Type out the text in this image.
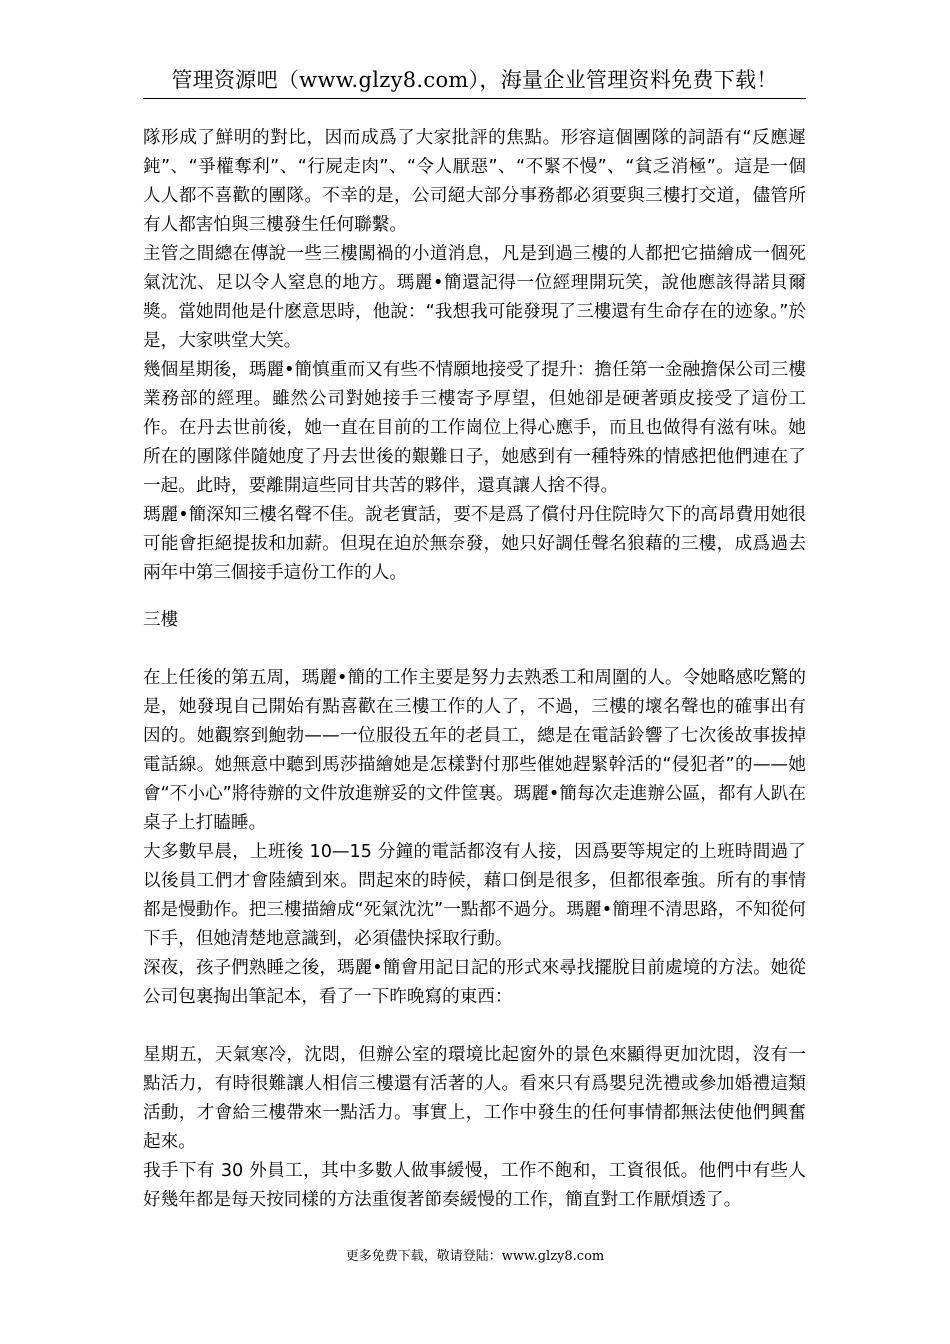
管理资源吧（www.glzy8.com），海量企业管理资料免费下载！

隊形成了鮮明的對比，因而成爲了大家批評的焦點。形容這個團隊的詞語有“反應遲鈍”、“爭權奪利”、“行屍走肉”、“令人厭惡”、“不緊不慢”、“貧乏消極”。這是一個人人都不喜歡的團隊。不幸的是，公司絕大部分事務都必須要與三樓打交道，儘管所有人都害怕與三樓發生任何聯繫。

主管之間總在傳說一些三樓闖禍的小道消息，凡是到過三樓的人都把它描繪成一個死氣沈沈、足以令人窒息的地方。瑪麗•簡還記得一位經理開玩笑，說他應該得諾貝爾獎。當她問他是什麽意思時，他說：“我想我可能發現了三樓還有生命存在的迹象。”於是，大家哄堂大笑。

幾個星期後，瑪麗•簡慎重而又有些不情願地接受了提升：擔任第一金融擔保公司三樓業務部的經理。雖然公司對她接手三樓寄予厚望，但她卻是硬著頭皮接受了這份工作。在丹去世前後，她一直在目前的工作崗位上得心應手，而且也做得有滋有味。她所在的團隊伴隨她度了丹去世後的艱難日子，她感到有一種特殊的情感把他們連在了一起。此時，要離開這些同甘共苦的夥伴，還真讓人捨不得。

瑪麗•簡深知三樓名聲不佳。說老實話，要不是爲了償付丹住院時欠下的高昂費用她很可能會拒絕提拔和加薪。但現在迫於無奈發，她只好調任聲名狼藉的三樓，成爲過去兩年中第三個接手這份工作的人。

三樓

在上任後的第五周，瑪麗•簡的工作主要是努力去熟悉工和周圍的人。令她略感吃驚的是，她發現自己開始有點喜歡在三樓工作的人了，不過，三樓的壞名聲也的確事出有因的。她觀察到鮑勃——一位服役五年的老員工，總是在電話鈴響了七次後故事拔掉電話線。她無意中聽到馬莎描繪她是怎樣對付那些催她趕緊幹活的“侵犯者”的——她會“不小心”將待辦的文件放進辦妥的文件筐裏。瑪麗•簡每次走進辦公區，都有人趴在桌子上打瞌睡。

大多數早晨，上班後 10—15 分鐘的電話都沒有人接，因爲要等規定的上班時間過了以後員工們才會陸續到來。問起來的時候，藉口倒是很多，但都很牽強。所有的事情都是慢動作。把三樓描繪成“死氣沈沈”一點都不過分。瑪麗•簡理不清思路，不知從何下手，但她清楚地意識到，必須儘快採取行動。

深夜，孩子們熟睡之後，瑪麗•簡會用記日記的形式來尋找擺脫目前處境的方法。她從公司包裏掏出筆記本，看了一下昨晚寫的東西：

星期五，天氣寒冷，沈悶，但辦公室的環境比起窗外的景色來顯得更加沈悶，沒有一點活力，有時很難讓人相信三樓還有活著的人。看來只有爲嬰兒洗禮或參加婚禮這類活動，才會給三樓帶來一點活力。事實上，工作中發生的任何事情都無法使他們興奮起來。

我手下有 30 外員工，其中多數人做事緩慢，工作不飽和，工資很低。他們中有些人好幾年都是每天按同樣的方法重復著節奏緩慢的工作，簡直對工作厭煩透了。

更多免费下载，敬请登陆：www.glzy8.com
